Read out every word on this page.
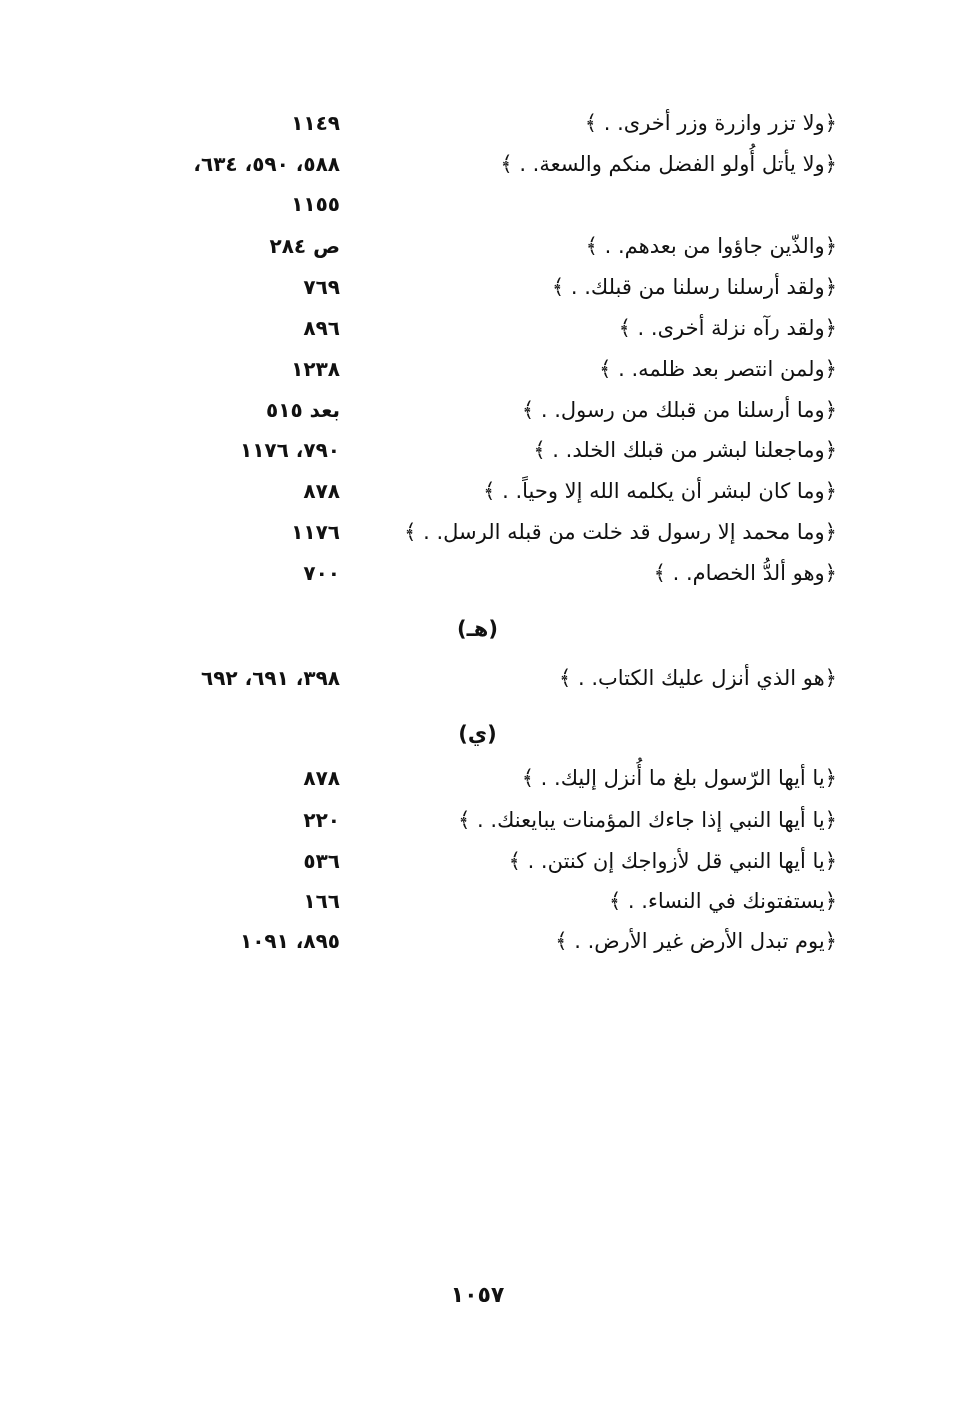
﴿ولا تزر وازرة وزر أخرى. . ﴾
١١٤٩
﴿ولا يأتل أُولو الفضل منكم والسعة. . ﴾
٥٨٨، ٥٩٠، ٦٣٤،
١١٥٥
﴿والذّين جاؤوا من بعدهم. . ﴾
ص ٢٨٤
﴿ولقد أرسلنا رسلنا من قبلك. . ﴾
٧٦٩
﴿ولقد رآه نزلة أخرى. . ﴾
٨٩٦
﴿ولمن انتصر بعد ظلمه. . ﴾
١٢٣٨
﴿وما أرسلنا من قبلك من رسول. . ﴾
بعد ٥١٥
﴿وماجعلنا لبشر من قبلك الخلد. . ﴾
٧٩٠، ١١٧٦
﴿وما كان لبشر أن يكلمه الله إلا وحياً. . ﴾
٨٧٨
﴿وما محمد إلا رسول قد خلت من قبله الرسل. . ﴾
١١٧٦
﴿وهو ألدُّ الخصام. . ﴾
٧٠٠
(هـ)
﴿هو الذي أنزل عليك الكتاب. . ﴾
٣٩٨، ٦٩١، ٦٩٢
(ي)
﴿يا أيها الرّسول بلغ ما أُنزل إليك. . ﴾
٨٧٨
﴿يا أيها النبي إذا جاءك المؤمنات يبايعنك. . ﴾
٢٢٠
﴿يا أيها النبي قل لأزواجك إن كنتن. . ﴾
٥٣٦
﴿يستفتونك في النساء. . ﴾
١٦٦
﴿يوم تبدل الأرض غير الأرض. . ﴾
٨٩٥، ١٠٩١
١٠٥٧
